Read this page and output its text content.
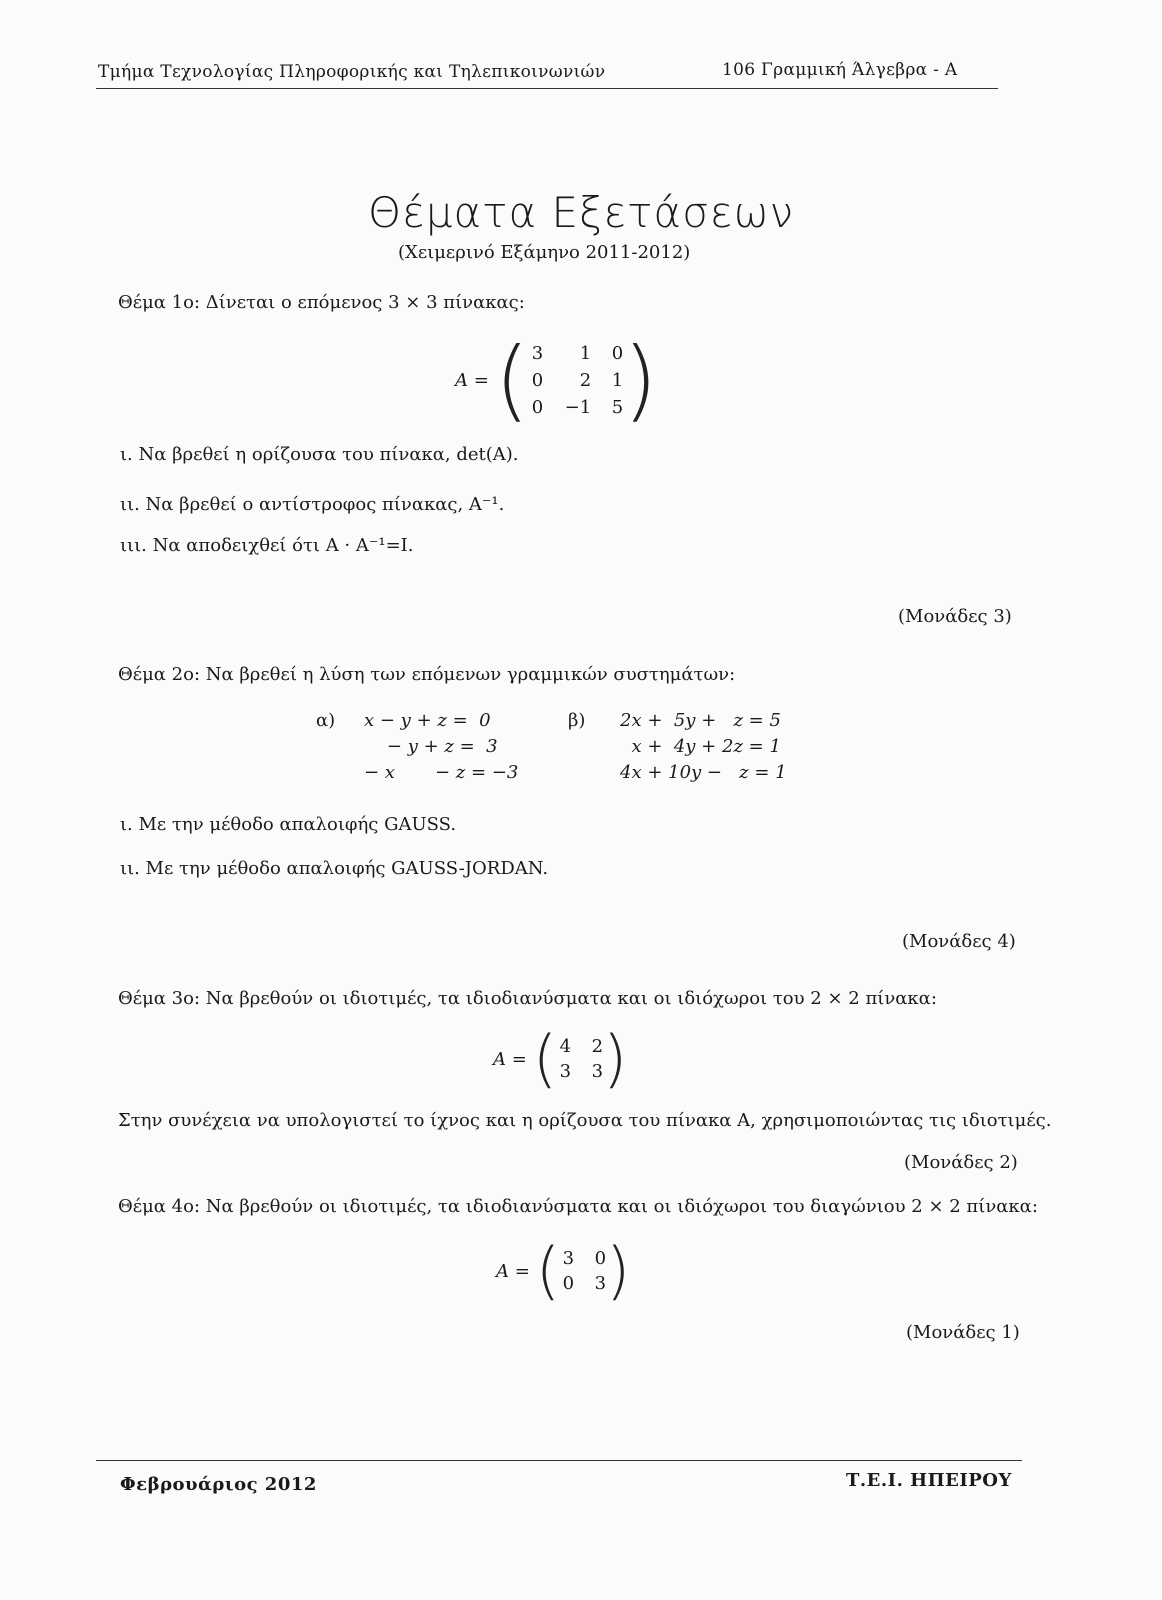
Τμήμα Τεχνολογίας Πληροφορικής και Τηλεπικοινωνιών	106 Γραμμική Άλγεβρα - Α
Θέματα Εξετάσεων
(Χειμερινό Εξάμηνο 2011-2012)
Θέμα 1ο: Δίνεται ο επόμενος 3 × 3 πίνακας:
A = ( 3	1 0
0	2 1
0 −1 5 )
ι. Να βρεθεί η ορίζουσα του πίνακα, det(A).
ιι. Να βρεθεί ο αντίστροφος πίνακας, A⁻¹.
ιιι. Να αποδειχθεί ότι A · A⁻¹=I.
(Μονάδες 3)
Θέμα 2ο: Να βρεθεί η λύση των επόμενων γραμμικών συστημάτων:
α)	x − y + z =  0
− y + z =  3
− x       − z = −3
β)	2x +  5y +   z = 5
x +  4y + 2z = 1
4x + 10y −   z = 1
ι. Με την μέθοδο απαλοιφής GAUSS.
ιι. Με την μέθοδο απαλοιφής GAUSS-JORDAN.
(Μονάδες 4)
Θέμα 3ο: Να βρεθούν οι ιδιοτιμές, τα ιδιοδιανύσματα και οι ιδιόχωροι του 2 × 2 πίνακα:
A = ( 4 2
3 3 )
Στην συνέχεια να υπολογιστεί το ίχνος και η ορίζουσα του πίνακα A, χρησιμοποιώντας τις ιδιοτιμές.
(Μονάδες 2)
Θέμα 4ο: Να βρεθούν οι ιδιοτιμές, τα ιδιοδιανύσματα και οι ιδιόχωροι του διαγώνιου 2 × 2 πίνακα:
A = ( 3 0
0 3 )
(Μονάδες 1)
Φεβρουάριος 2012	Τ.Ε.Ι. ΗΠΕΙΡΟΥ
